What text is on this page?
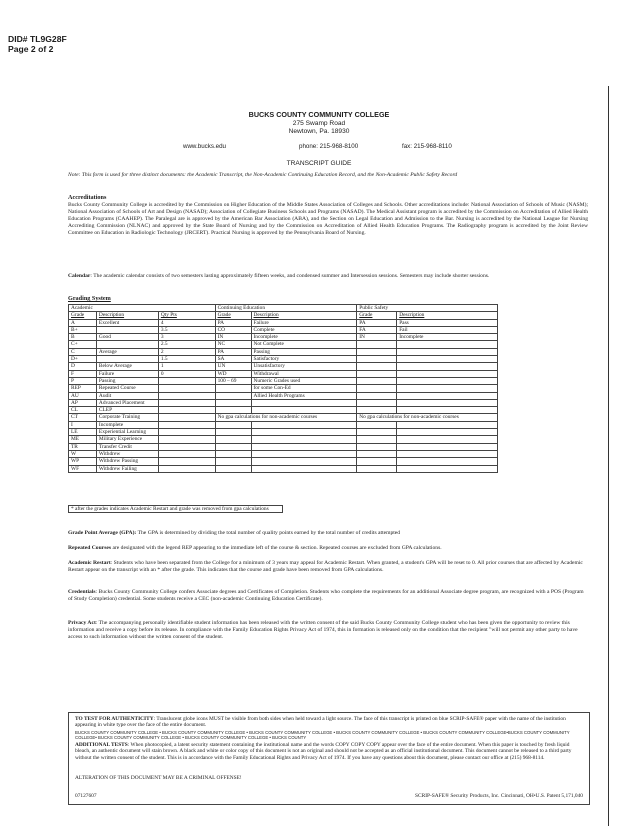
DID# TL9G28F
Page 2 of 2
BUCKS COUNTY COMMUNITY COLLEGE
275 Swamp Road
Newtown, Pa. 18930
www.bucks.edu	phone: 215-968-8100	fax: 215-968-8110
TRANSCRIPT GUIDE
Note: This form is used for three distinct documents: the Academic Transcript, the Non-Academic Continuing Education Record, and the Non-Academic Public Safety Record
Accreditations
Bucks County Community College is accredited by the Commission on Higher Education of the Middle States Association of Colleges and Schools. Other accreditations include: National Association of Schools of Music (NASM); National Association of Schools of Art and Design (NASAD); Association of Collegiate Business Schools and Programs (NASAD). The Medical Assistant program is accredited by the Commission on Accreditation of Allied Health Education Programs (CAAHEP). The Paralegal are is approved by the American Bar Association (ABA), and the Section on Legal Education and Admission to the Bar. Nursing is accredited by the National League for Nursing Accrediting Commission (NLNAC) and approved by the State Board of Nursing and by the Commission on Accreditation of Allied Health Education Programs. The Radiography program is accredited by the Joint Review Committee on Education in Radiologic Technology (JRCERT). Practical Nursing is approved by the Pennsylvania Board of Nursing.
Calendar: The academic calendar consists of two semesters lasting approximately fifteen weeks, and condensed summer and Intersession sessions. Semesters may include shorter sessions.
Grading System
Academic			Continuing Education		Public Safety	
Grade	Description	Qty Pts	Grade	Description	Grade	Description
A	Excellent	4	PA	Failure	PA	Pass
B+		3.5	CO	Complete	FA	Fail
B	Good	3	IN	Incomplete	IN	Incomplete
C+		2.5	NC	Not Complete		
C	Average	2	PA	Passing		
D+		1.5	SA	Satisfactory		
D	Below Average	1	UN	Unsatisfactory		
F	Failure	0	WD	Withdrawal		
P	Passing		100 – 69	Numeric Grades used		
REP	Repeated Course			for some Con-Ed		
AU	Audit			Allied Health Programs		
AP	Advanced Placement					
CL	CLEP					
CT	Corporate Training		No gpa calculations for non-academic courses		No gpa calculations for non-academic courses	
I	Incomplete					
LE	Experiential Learning					
ME	Military Experience					
TR	Transfer Credit					
W	Withdrew					
WP	Withdrew Passing					
WF	Withdrew Failing					
* after the grades indicates Academic Restart and grade was removed from gpa calculations

Grade Point Average (GPA): The GPA is determined by dividing the total number of quality points earned by the total number of credits attempted

Repeated Courses are designated with the legend REP appearing to the immediate left of the course & section. Repeated courses are excluded from GPA calculations.

Academic Restart: Students who have been separated from the College for a minimum of 3 years may appeal for Academic Restart. When granted, a student's GPA will be reset to 0. All prior courses that are affected by Academic Restart appear on the transcript with an * after the grade. This indicates that the course and grade have been removed from GPA calculations.

Credentials: Bucks County Community College confers Associate degrees and Certificates of Completion. Students who complete the requirements for an additional Associate degree program, are recognized with a POS (Program of Study Completion) credential. Some students receive a CEC (non-academic Continuing Education Certificate).

Privacy Act: The accompanying personally identifiable student information has been released with the written consent of the said Bucks County Community College student who has been given the opportunity to review this information and receive a copy before its release. In compliance with the Family Education Rights Privacy Act of 1974, this in formation is released only on the condition that the recipient "will not permit any other party to have access to such information without the written consent of the student.

TO TEST FOR AUTHENTICITY: Translucent globe icons MUST be visible from both sides when held toward a light source. The face of this transcript is printed on blue SCRIP-SAFE® paper with the name of the institution appearing in white type over the face of the entire document.

BUCKS COUNTY COMMUNITY COLLEGE • BUCKS COUNTY COMMUNITY COLLEGE • BUCKS COUNTY COMMUNITY COLLEGE • BUCKS COUNTY COMMUNITY COLLEGE • BUCKS COUNTY COMMUNITY COLLEGE•BUCKS COUNTY COMMUNITY COLLEGE• BUCKS COUNTY COMMUNITY COLLEGE • BUCKS COUNTY COMMUNITY COLLEGE • BUCKS COUNTY

ADDITIONAL TESTS: When photocopied, a latent security statement containing the institutional name and the words COPY COPY COPY appear over the face of the entire document. When this paper is touched by fresh liquid bleach, an authentic document will stain brown. A black and white or color copy of this document is not an original and should not be accepted as an official institutional document. This document cannot be released to a third party without the written consent of the student. This is in accordance with the Family Educational Rights and Privacy Act of 1974. If you have any questions about this document, please contact our office at (215) 968-8114.

ALTERATION OF THIS DOCUMENT MAY BE A CRIMINAL OFFENSE!

07127607	SCRIP-SAFE® Security Products, Inc. Cincinnati, OH•U.S. Patent 5,171,040
